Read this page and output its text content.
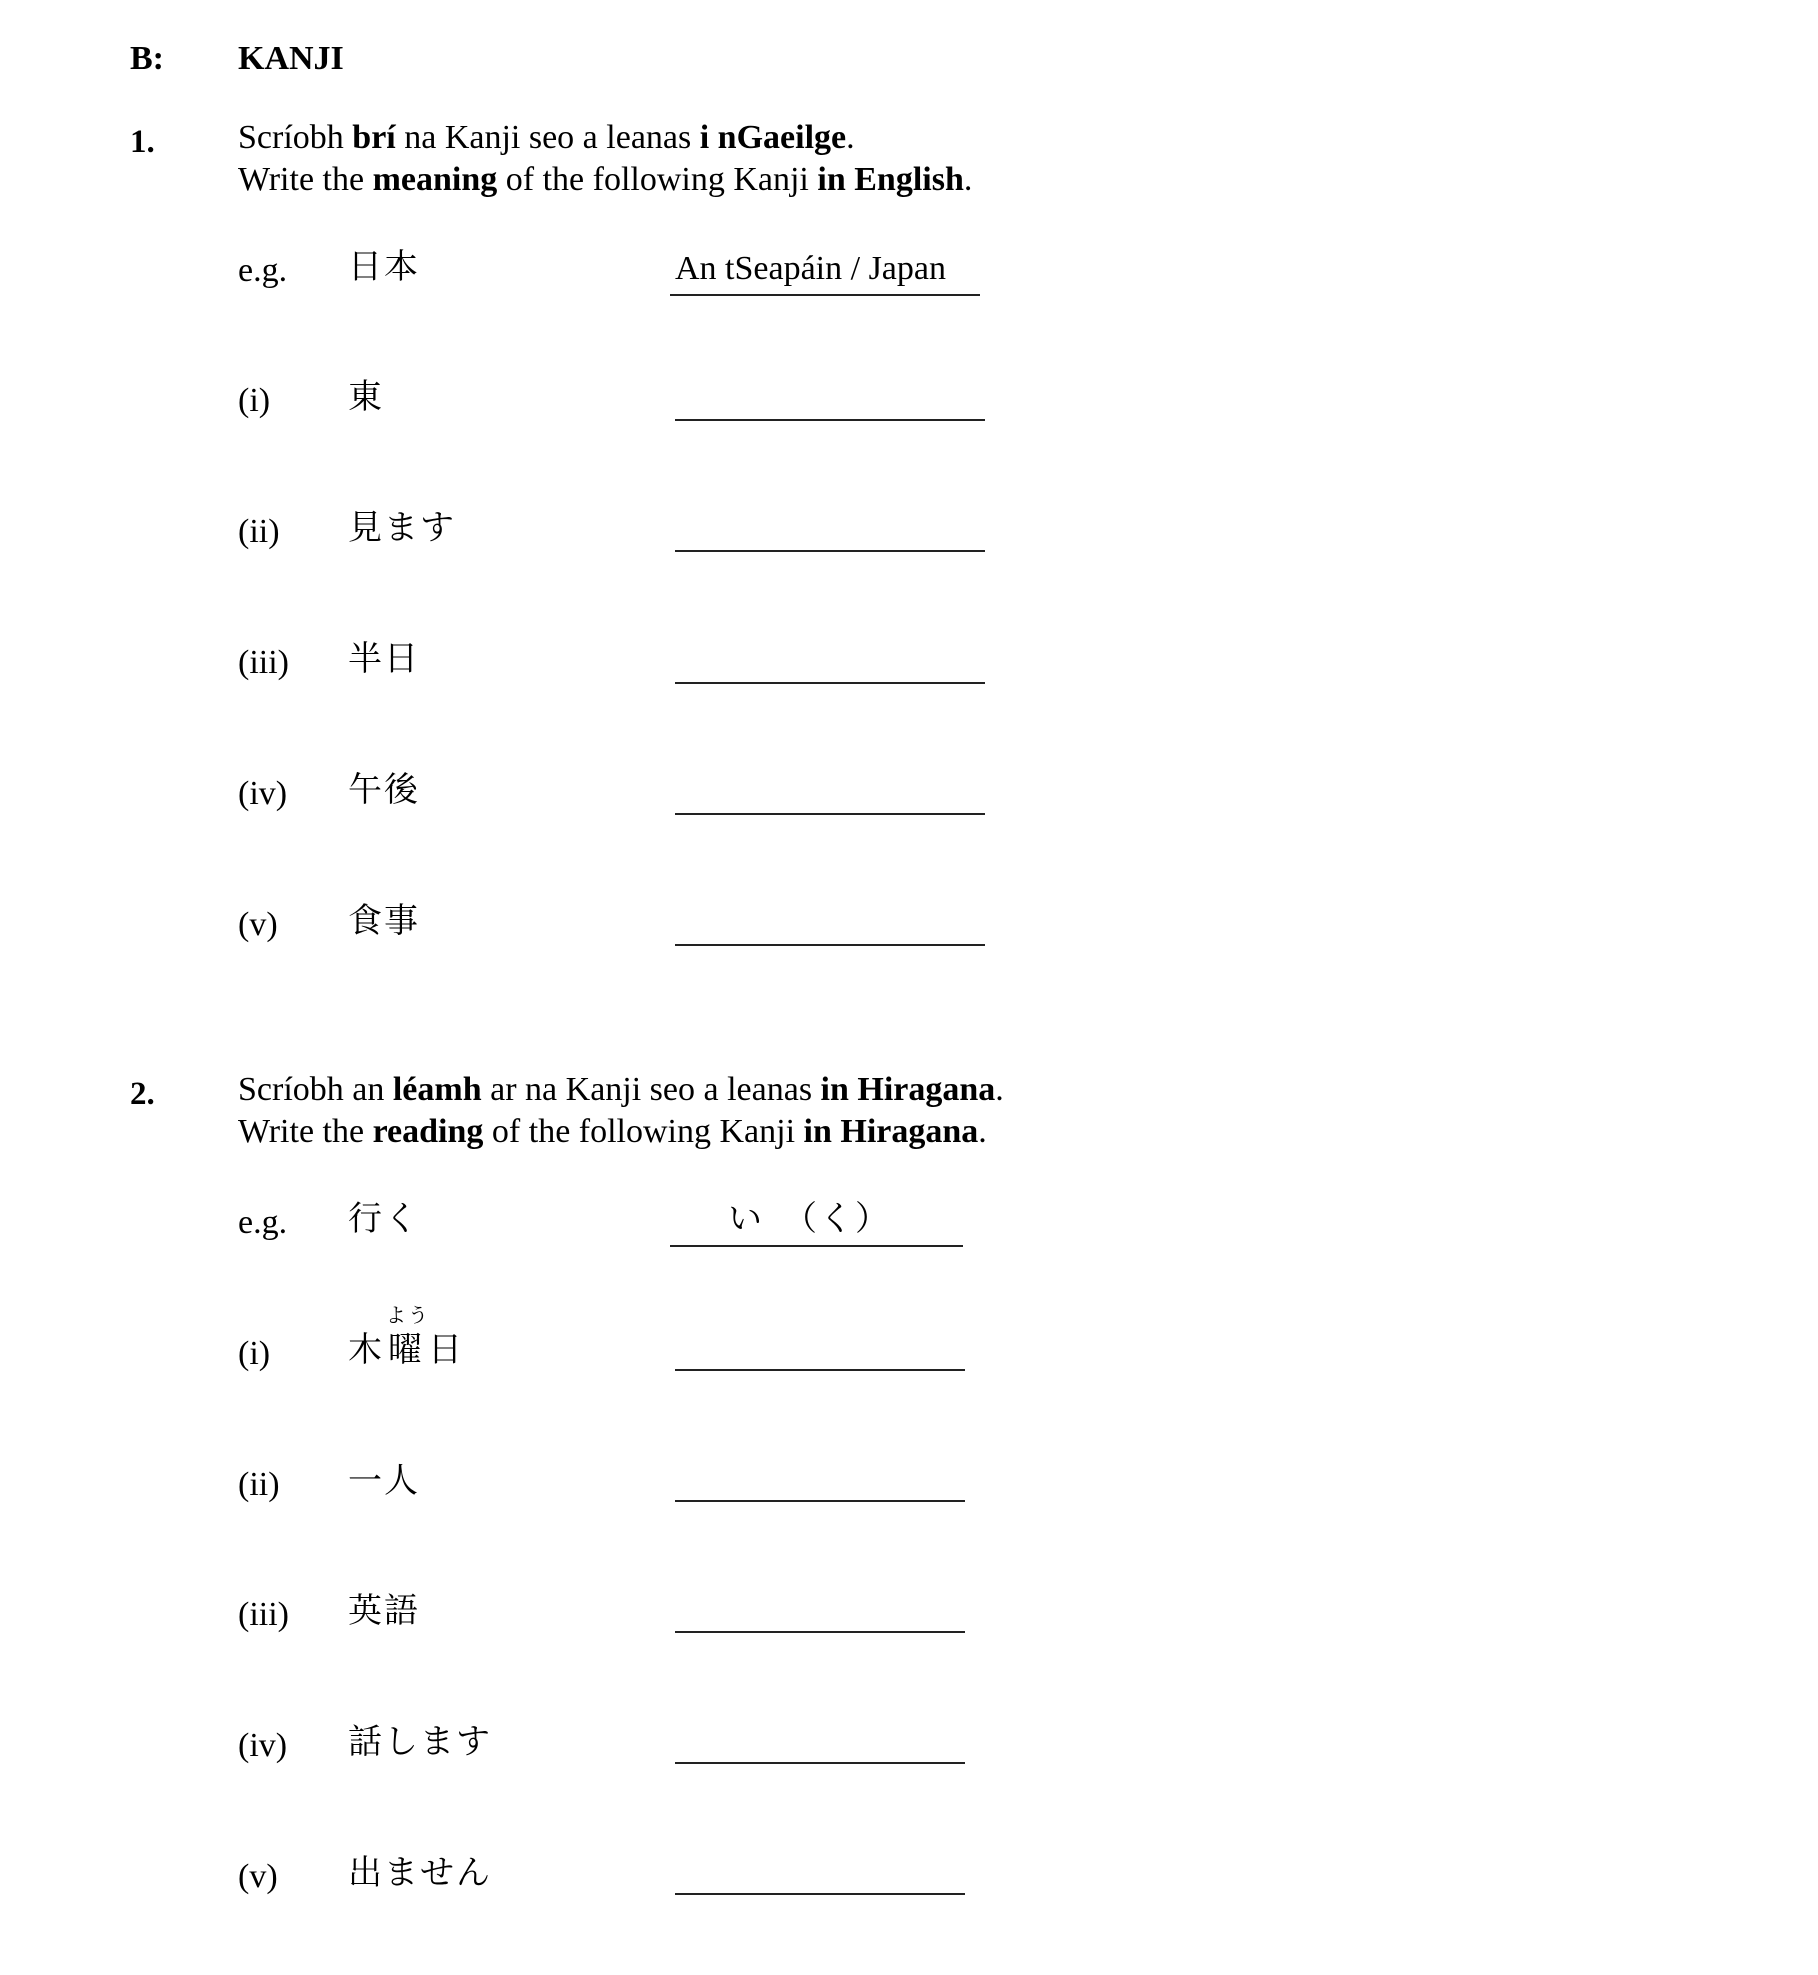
B: KANJI
1. Scríobh brí na Kanji seo a leanas i nGaeilge.
Write the meaning of the following Kanji in English.
e.g. 日本	An tSeapáin / Japan
(i) 東
(ii) 見ます
(iii) 半日
(iv) 午後
(v) 食事
2. Scríobh an léamh ar na Kanji seo a leanas in Hiragana.
Write the reading of the following Kanji in Hiragana.
e.g. 行く	い　（く）
(i)
よう
木曜日
(ii) 一人
(iii) 英語
(iv) 話します
(v) 出ません
